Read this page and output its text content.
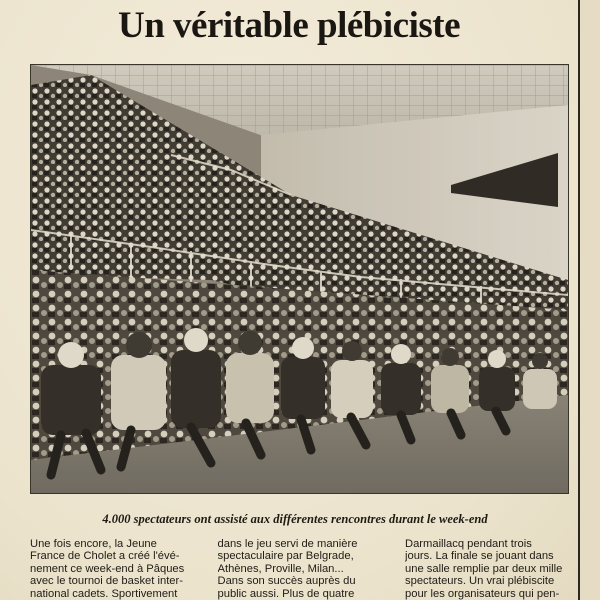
Un véritable plébiciste
4.000 spectateurs ont assisté aux différentes rencontres durant le week-end
Une fois encore, la Jeune
France de Cholet a créé l'évé-
nement ce week-end à Pâques
avec le tournoi de basket inter-
national cadets. Sportivement
dans le jeu servi de manière
spectaculaire par Belgrade,
Athènes, Proville, Milan...
Dans son succès auprès du
public aussi. Plus de quatre
Darmaillacq pendant trois
jours. La finale se jouant dans
une salle remplie par deux mille
spectateurs. Un vrai plébiscite
pour les organisateurs qui pen-
